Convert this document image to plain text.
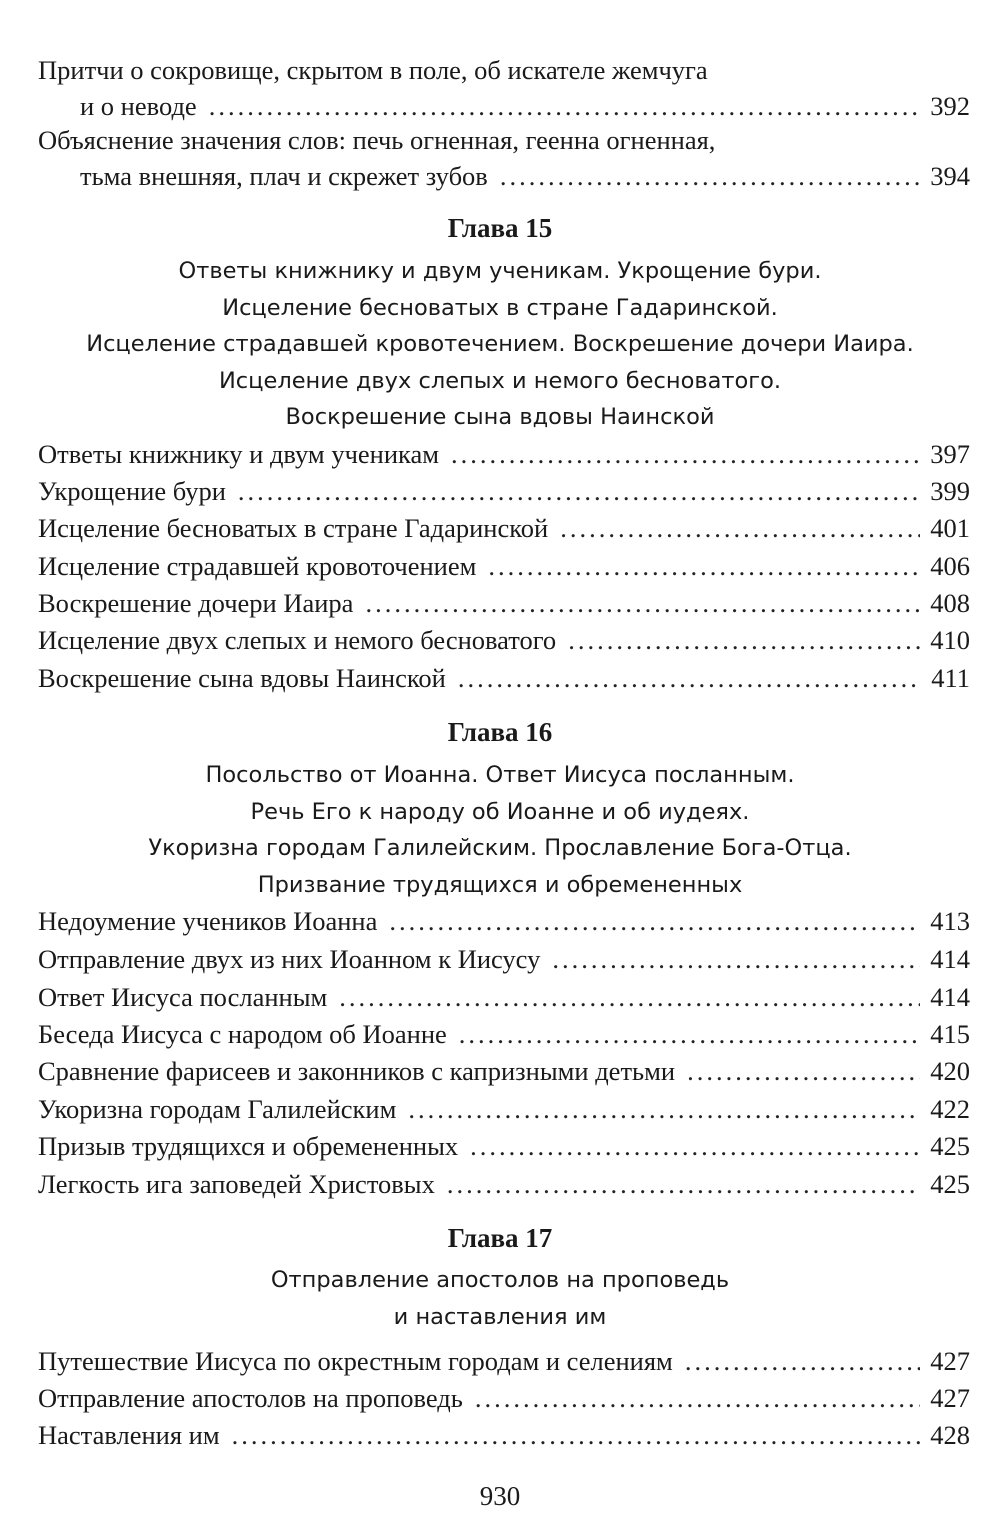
Притчи о сокровище, скрытом в поле, об искателе жемчуга
и о неводе .....	392
Объяснение значения слов: печь огненная, геенна огненная,
тьма внешняя, плач и скрежет зубов .....	394
Глава 15
Ответы книжнику и двум ученикам. Укрощение бури.
Исцеление бесноватых в стране Гадаринской.
Исцеление страдавшей кровотечением. Воскрешение дочери Иаира.
Исцеление двух слепых и немого бесноватого.
Воскрешение сына вдовы Наинской
Ответы книжнику и двум ученикам .....	397
Укрощение бури .....	399
Исцеление бесноватых в стране Гадаринской .....	401
Исцеление страдавшей кровоточением .....	406
Воскрешение дочери Иаира .....	408
Исцеление двух слепых и немого бесноватого .....	410
Воскрешение сына вдовы Наинской .....	411
Глава 16
Посольство от Иоанна. Ответ Иисуса посланным.
Речь Его к народу об Иоанне и об иудеях.
Укоризна городам Галилейским. Прославление Бога-Отца.
Призвание трудящихся и обремененных
Недоумение учеников Иоанна .....	413
Отправление двух из них Иоанном к Иисусу .....	414
Ответ Иисуса посланным .....	414
Беседа Иисуса с народом об Иоанне .....	415
Сравнение фарисеев и законников с капризными детьми .....	420
Укоризна городам Галилейским .....	422
Призыв трудящихся и обремененных .....	425
Легкость ига заповедей Христовых .....	425
Глава 17
Отправление апостолов на проповедь
и наставления им
Путешествие Иисуса по окрестным городам и селениям .....	427
Отправление апостолов на проповедь .....	427
Наставления им .....	428
930
